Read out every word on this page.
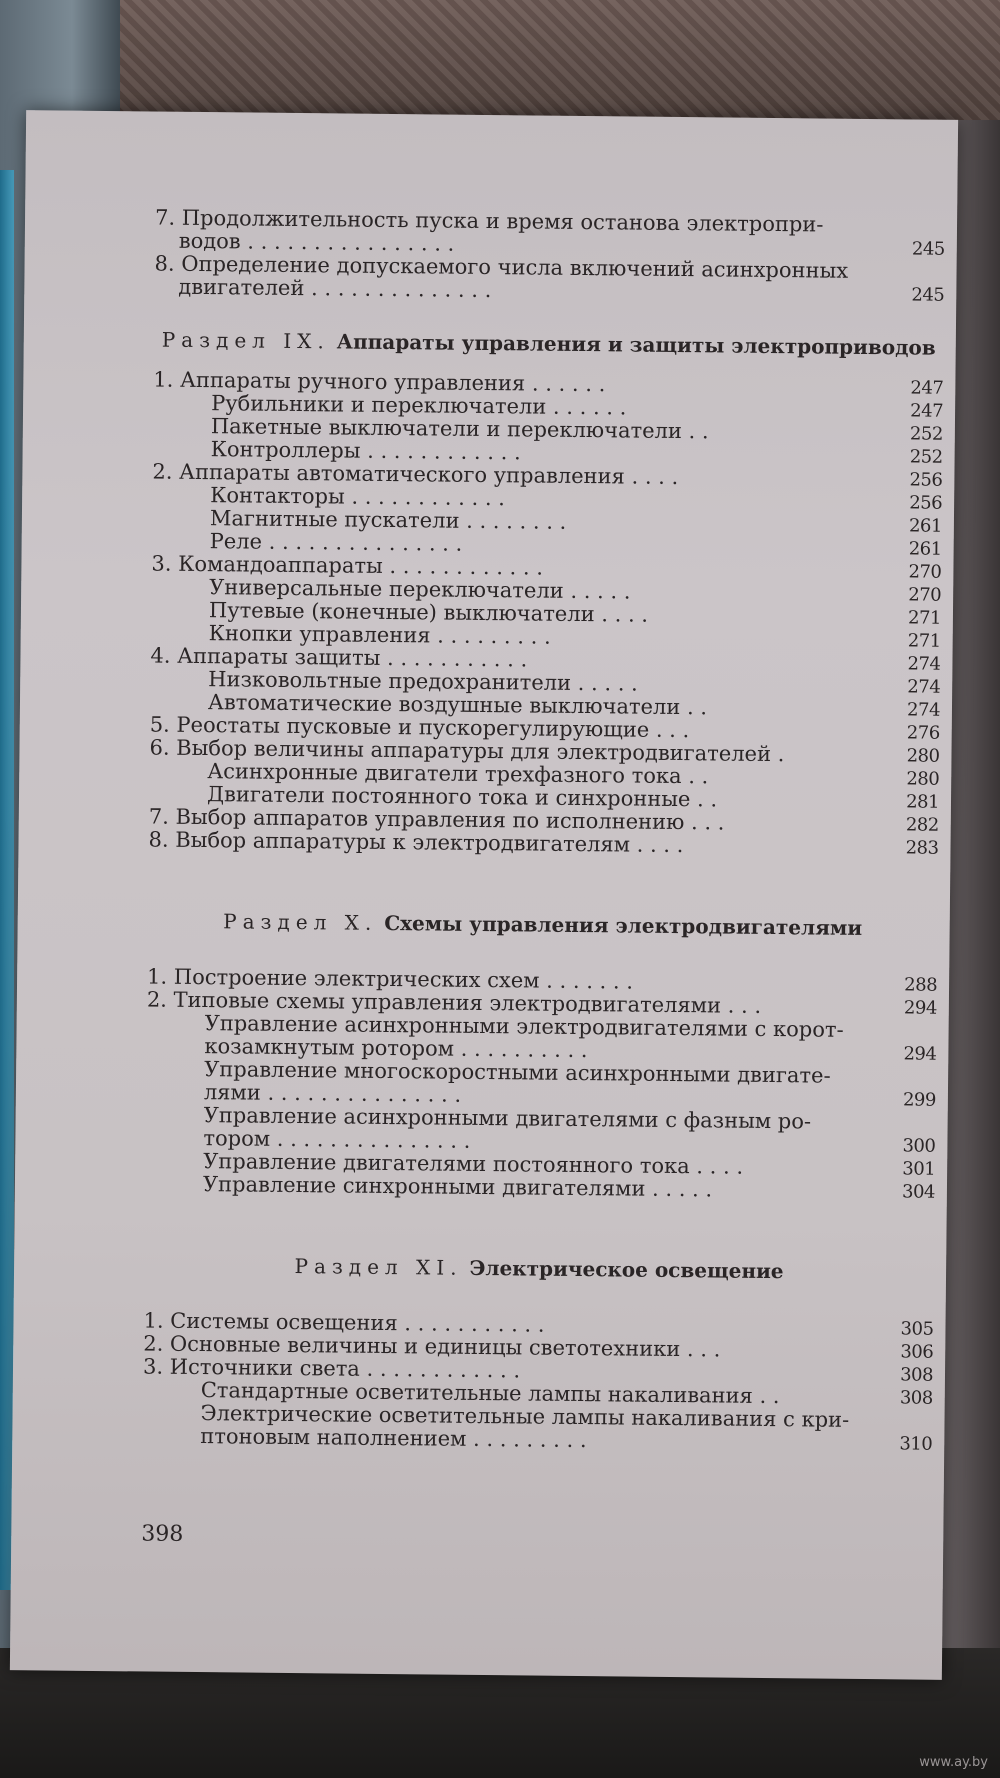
7. Продолжительность пуска и время останова электропри-
водов . . . . . . . . . . . . . . . .	245
8. Определение допускаемого числа включений асинхронных
двигателей . . . . . . . . . . . . . .	245
Раздел IX. Аппараты управления и защиты электроприводов
1. Аппараты ручного управления . . . . . .	247
Рубильники и переключатели . . . . . .	247
Пакетные выключатели и переключатели . .	252
Контроллеры . . . . . . . . . . . .	252
2. Аппараты автоматического управления . . . .	256
Контакторы . . . . . . . . . . . .	256
Магнитные пускатели . . . . . . . .	261
Реле . . . . . . . . . . . . . . .	261
3. Командоаппараты . . . . . . . . . . . .	270
Универсальные переключатели . . . . .	270
Путевые (конечные) выключатели . . . .	271
Кнопки управления . . . . . . . . .	271
4. Аппараты защиты . . . . . . . . . . .	274
Низковольтные предохранители . . . . .	274
Автоматические воздушные выключатели . .	274
5. Реостаты пусковые и пускорегулирующие . . .	276
6. Выбор величины аппаратуры для электродвигателей .	280
Асинхронные двигатели трехфазного тока . .	280
Двигатели постоянного тока и синхронные . .	281
7. Выбор аппаратов управления по исполнению . . .	282
8. Выбор аппаратуры к электродвигателям . . . .	283
Раздел X. Схемы управления электродвигателями
1. Построение электрических схем . . . . . . .	288
2. Типовые схемы управления электродвигателями . . .	294
Управление асинхронными электродвигателями с корот-
козамкнутым ротором . . . . . . . . . .	294
Управление многоскоростными асинхронными двигате-
лями . . . . . . . . . . . . . . .	299
Управление асинхронными двигателями с фазным ро-
тором . . . . . . . . . . . . . . .	300
Управление двигателями постоянного тока . . . .	301
Управление синхронными двигателями . . . . .	304
Раздел XI. Электрическое освещение
1. Системы освещения . . . . . . . . . . .	305
2. Основные величины и единицы светотехники . . .	306
3. Источники света . . . . . . . . . . . .	308
Стандартные осветительные лампы накаливания . .	308
Электрические осветительные лампы накаливания с кри-
птоновым наполнением . . . . . . . . .	310
398
www.ay.by
